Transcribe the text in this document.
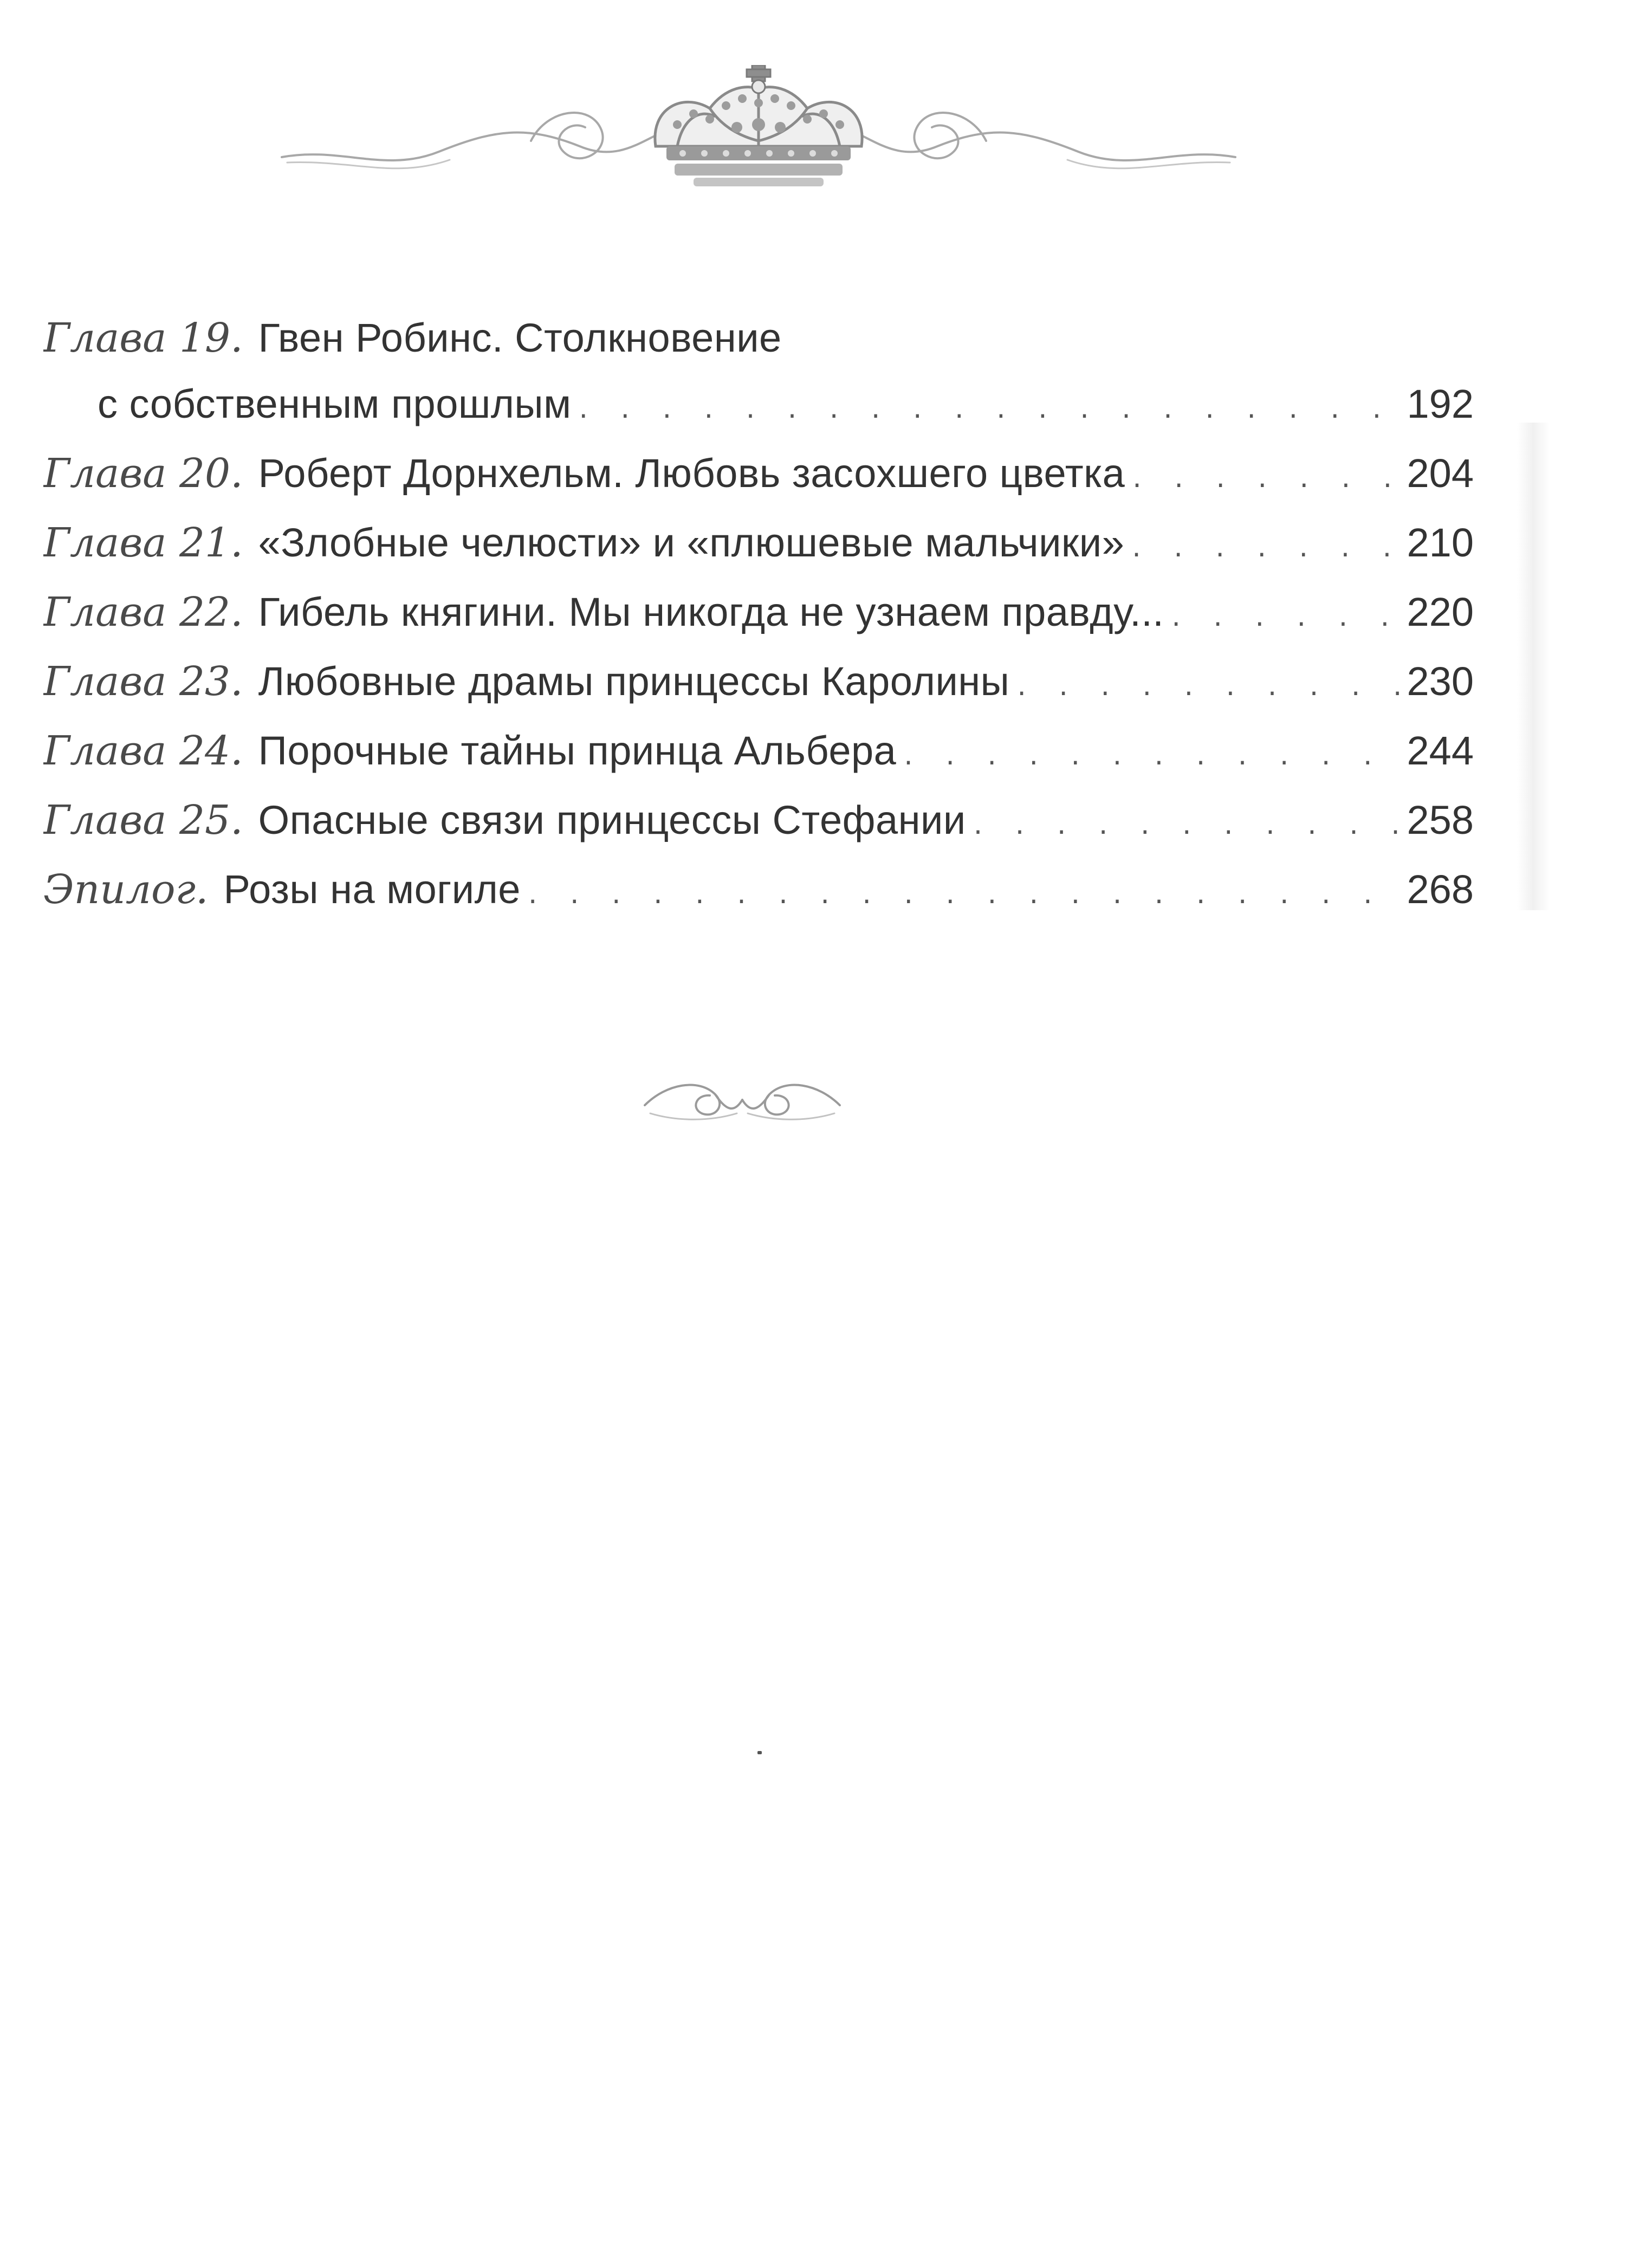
Глава 19. Гвен Робинс. Столкновение
с собственным прошлым . . .	192
Глава 20. Роберт Дорнхельм. Любовь засохшего цветка . . .	204
Глава 21. «Злобные челюсти» и «плюшевые мальчики» . . .	210
Глава 22. Гибель княгини. Мы никогда не узнаем правду... . . .	220
Глава 23. Любовные драмы принцессы Каролины . . .	230
Глава 24. Порочные тайны принца Альбера . . .	244
Глава 25. Опасные связи принцессы Стефании . . .	258
Эпилог. Розы на могиле . . .	268
